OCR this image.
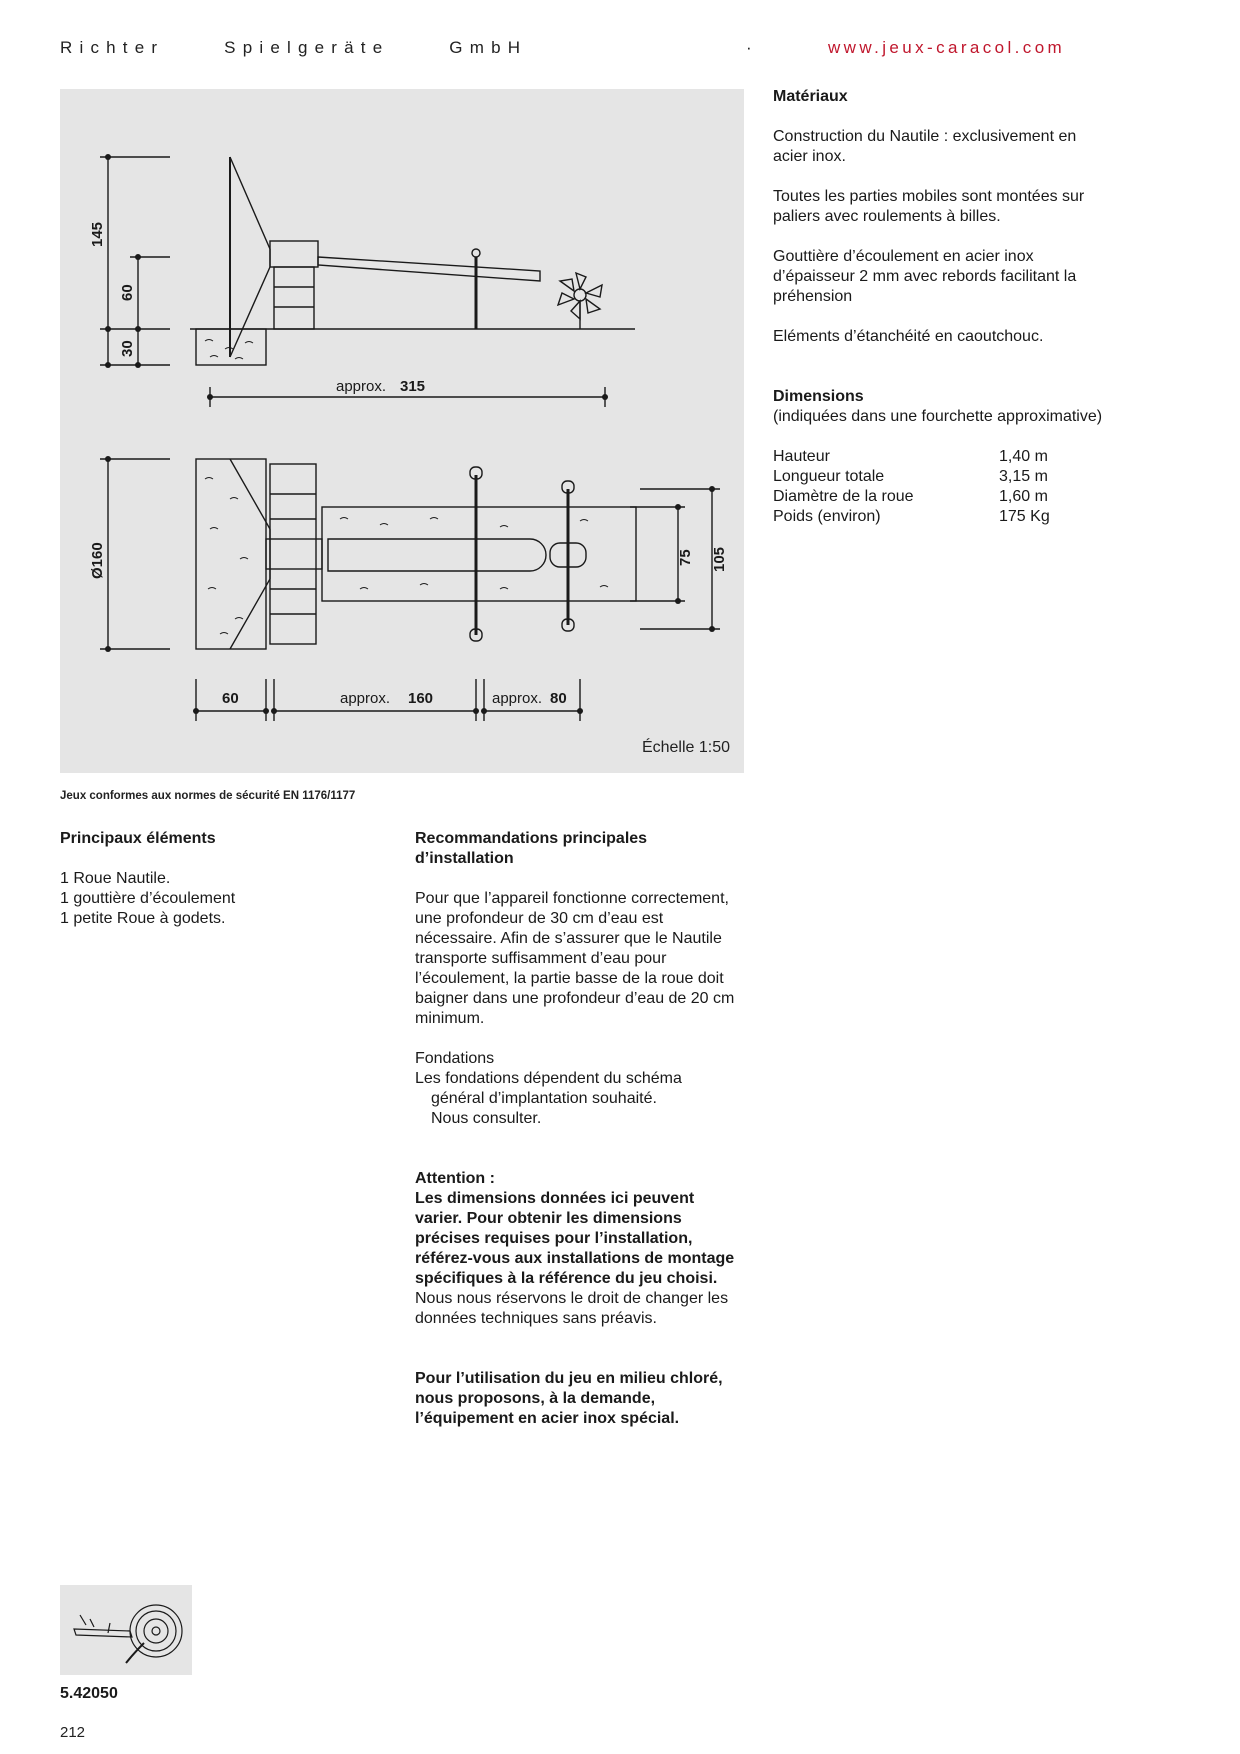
Richter Spielgeräte GmbH	·	www.jeux-caracol.com
145
60
30
approx. 315
Ø160	75 105
60	approx. 160	approx. 80
Échelle 1:50
Jeux conformes aux normes de sécurité EN 1176/1177
Matériaux
Construction du Nautile : exclusivement en acier inox.
Toutes les parties mobiles sont montées sur paliers avec roulements à billes.
Gouttière d’écoulement en acier inox d’épaisseur 2 mm avec rebords facilitant la préhension
Eléments d’étanchéité en caoutchouc.
Dimensions
(indiquées dans une fourchette approximative)
Hauteur	1,40 m
Longueur totale	3,15 m
Diamètre de la roue	1,60 m
Poids (environ)	175 Kg
Principaux éléments
1 Roue Nautile.
1 gouttière d’écoulement
1 petite Roue à godets.
Recommandations principales d’installation
Pour que l’appareil fonctionne correctement, une profondeur de 30 cm d’eau est nécessaire. Afin de s’assurer que le Nautile transporte suffisamment d’eau pour l’écoulement, la partie basse de la roue doit baigner dans une profondeur d’eau de 20 cm minimum.
Fondations
Les fondations dépendent du schéma
général d’implantation souhaité.
Nous consulter.
Attention :
Les dimensions données ici peuvent varier. Pour obtenir les dimensions précises requises pour l’installation, référez-vous aux installations de montage spécifiques à la référence du jeu choisi.
Nous nous réservons le droit de changer les données techniques sans préavis.
Pour l’utilisation du jeu en milieu chloré, nous proposons, à la demande, l’équipement en acier inox spécial.
5.42050
212
